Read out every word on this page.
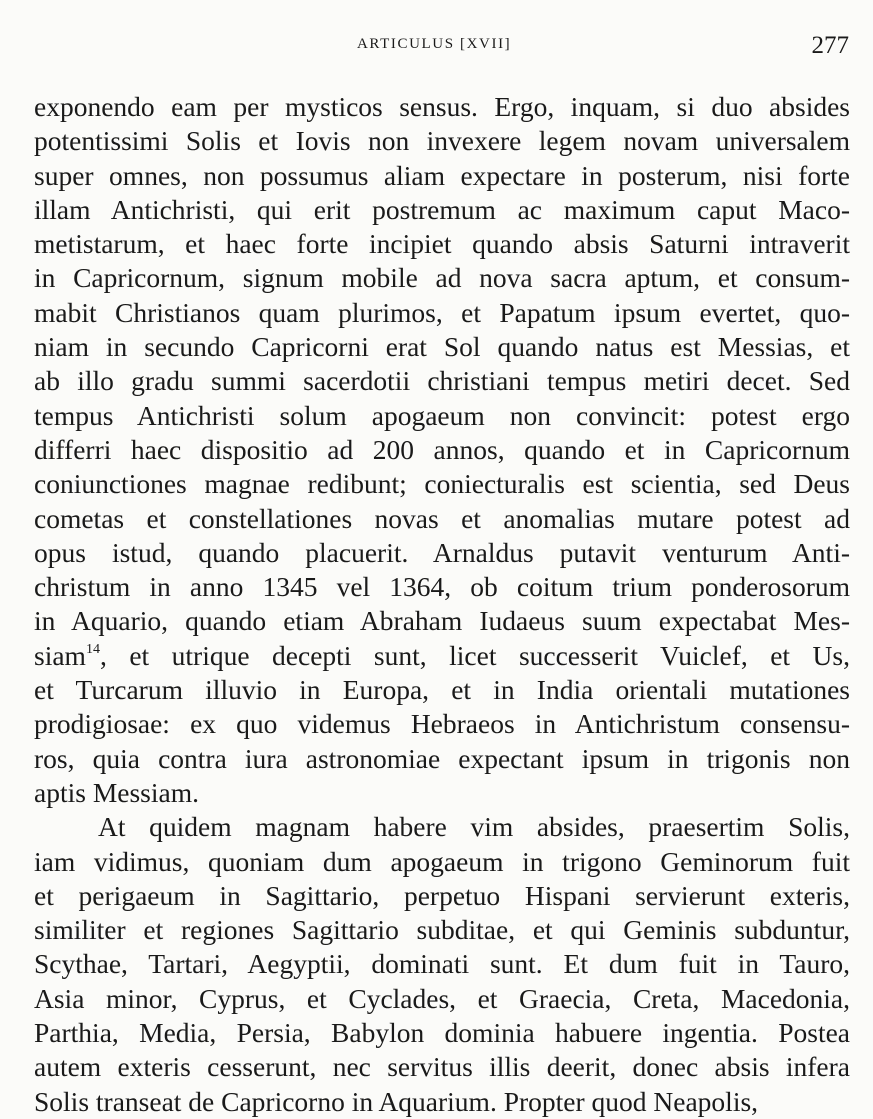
ARTICULUS [XVII]	277
exponendo eam per mysticos sensus. Ergo, inquam, si duo absides
potentissimi Solis et Iovis non invexere legem novam universalem
super omnes, non possumus aliam expectare in posterum, nisi forte
illam Antichristi, qui erit postremum ac maximum caput Maco-
metistarum, et haec forte incipiet quando absis Saturni intraverit
in Capricornum, signum mobile ad nova sacra aptum, et consum-
mabit Christianos quam plurimos, et Papatum ipsum evertet, quo-
niam in secundo Capricorni erat Sol quando natus est Messias, et
ab illo gradu summi sacerdotii christiani tempus metiri decet. Sed
tempus Antichristi solum apogaeum non convincit: potest ergo
differri haec dispositio ad 200 annos, quando et in Capricornum
coniunctiones magnae redibunt; coniecturalis est scientia, sed Deus
cometas et constellationes novas et anomalias mutare potest ad
opus istud, quando placuerit. Arnaldus putavit venturum Anti-
christum in anno 1345 vel 1364, ob coitum trium ponderosorum
in Aquario, quando etiam Abraham Iudaeus suum expectabat Mes-
siam$^{14}$, et utrique decepti sunt, licet successerit Vuiclef, et Us,
et Turcarum illuvio in Europa, et in India orientali mutationes
prodigiosae: ex quo videmus Hebraeos in Antichristum consensu-
ros, quia contra iura astronomiae expectant ipsum in trigonis non
aptis Messiam.
At quidem magnam habere vim absides, praesertim Solis,
iam vidimus, quoniam dum apogaeum in trigono Geminorum fuit
et perigaeum in Sagittario, perpetuo Hispani servierunt exteris,
similiter et regiones Sagittario subditae, et qui Geminis subduntur,
Scythae, Tartari, Aegyptii, dominati sunt. Et dum fuit in Tauro,
Asia minor, Cyprus, et Cyclades, et Graecia, Creta, Macedonia,
Parthia, Media, Persia, Babylon dominia habuere ingentia. Postea
autem exteris cesserunt, nec servitus illis deerit, donec absis infera
Solis transeat de Capricorno in Aquarium. Propter quod Neapolis,
